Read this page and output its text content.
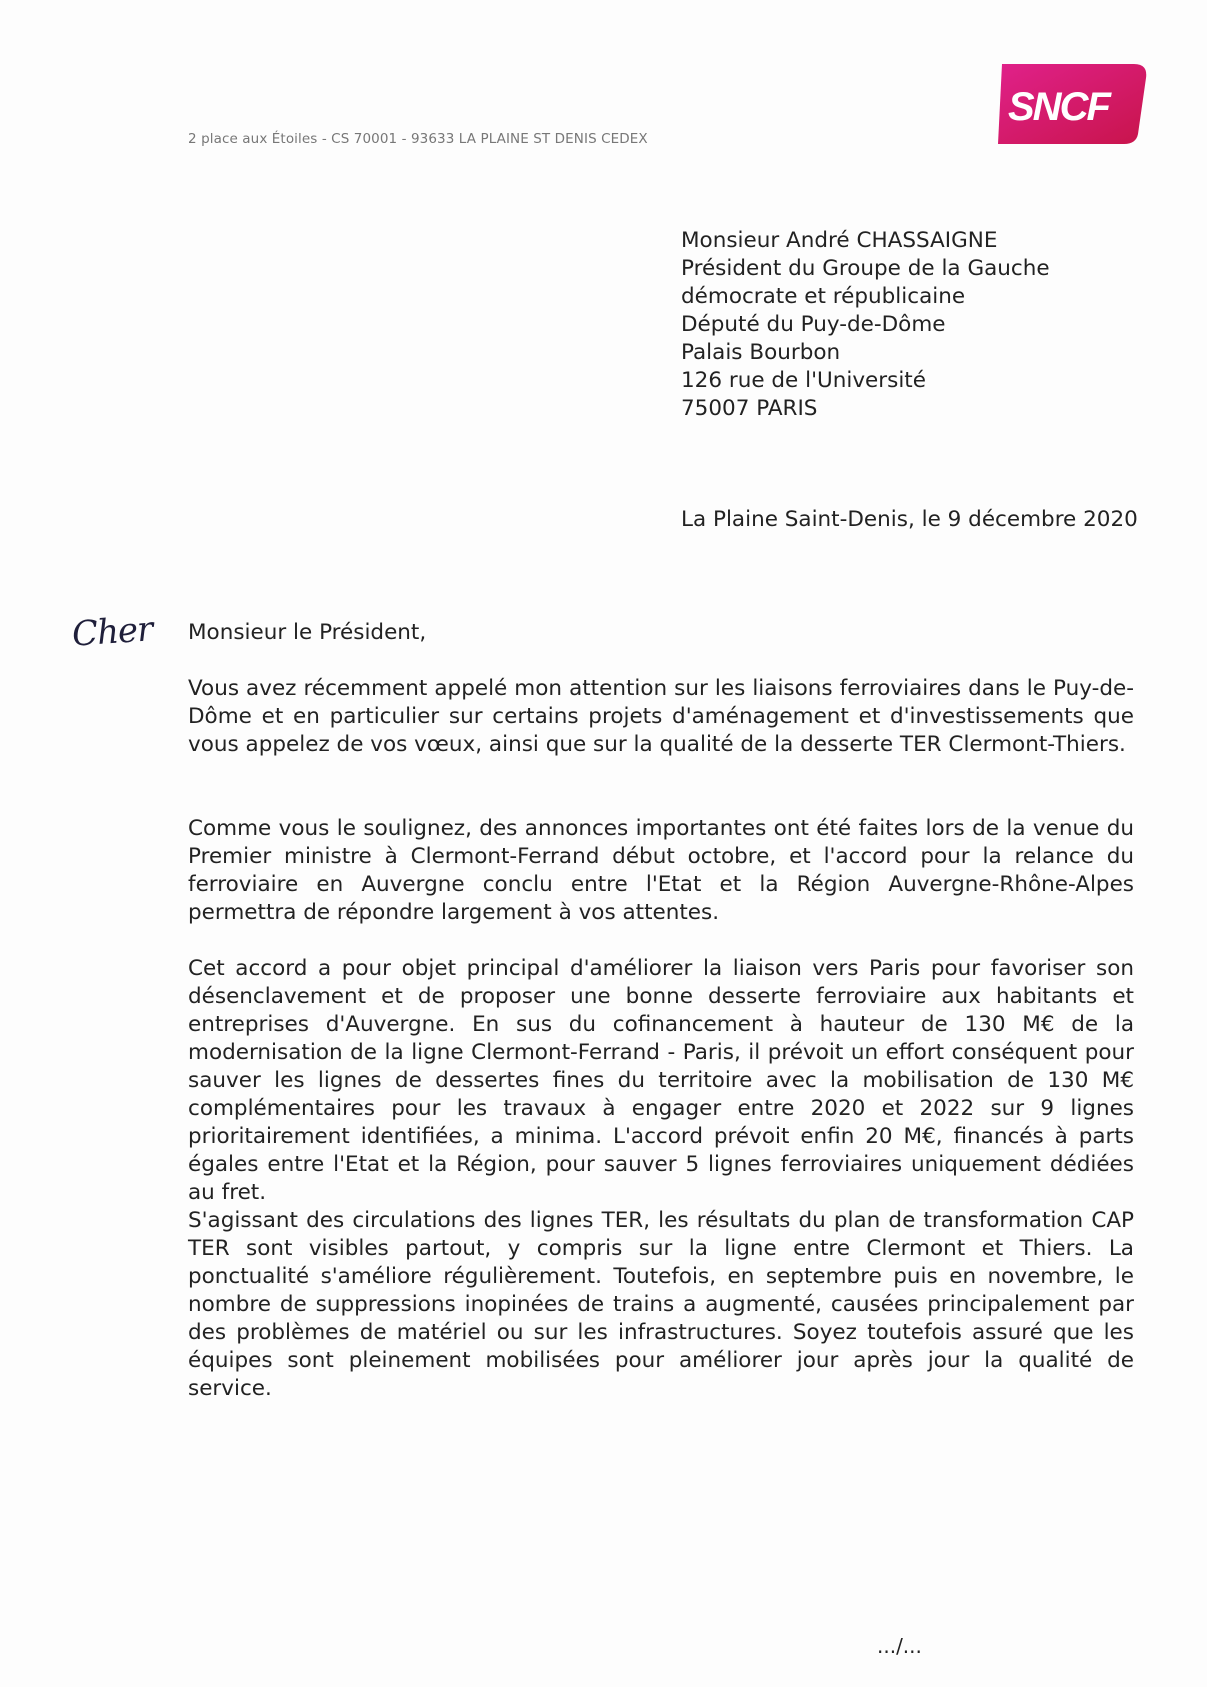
SNCF
2 place aux Étoiles - CS 70001 - 93633 LA PLAINE ST DENIS CEDEX
Monsieur André CHASSAIGNE
Président du Groupe de la Gauche
démocrate et républicaine
Député du Puy-de-Dôme
Palais Bourbon
126 rue de l'Université
75007 PARIS
La Plaine Saint-Denis, le 9 décembre 2020
Cher Monsieur le Président,

Vous avez récemment appelé mon attention sur les liaisons ferroviaires dans le Puy-de-Dôme et en particulier sur certains projets d'aménagement et d'investissements que vous appelez de vos vœux, ainsi que sur la qualité de la desserte TER Clermont-Thiers.

Comme vous le soulignez, des annonces importantes ont été faites lors de la venue du Premier ministre à Clermont-Ferrand début octobre, et l'accord pour la relance du ferroviaire en Auvergne conclu entre l'Etat et la Région Auvergne-Rhône-Alpes permettra de répondre largement à vos attentes.

Cet accord a pour objet principal d'améliorer la liaison vers Paris pour favoriser son désenclavement et de proposer une bonne desserte ferroviaire aux habitants et entreprises d'Auvergne. En sus du cofinancement à hauteur de 130 M€ de la modernisation de la ligne Clermont-Ferrand - Paris, il prévoit un effort conséquent pour sauver les lignes de dessertes fines du territoire avec la mobilisation de 130 M€ complémentaires pour les travaux à engager entre 2020 et 2022 sur 9 lignes prioritairement identifiées, a minima. L'accord prévoit enfin 20 M€, financés à parts égales entre l'Etat et la Région, pour sauver 5 lignes ferroviaires uniquement dédiées au fret.

S'agissant des circulations des lignes TER, les résultats du plan de transformation CAP TER sont visibles partout, y compris sur la ligne entre Clermont et Thiers. La ponctualité s'améliore régulièrement. Toutefois, en septembre puis en novembre, le nombre de suppressions inopinées de trains a augmenté, causées principalement par des problèmes de matériel ou sur les infrastructures. Soyez toutefois assuré que les équipes sont pleinement mobilisées pour améliorer jour après jour la qualité de service.

.../...
